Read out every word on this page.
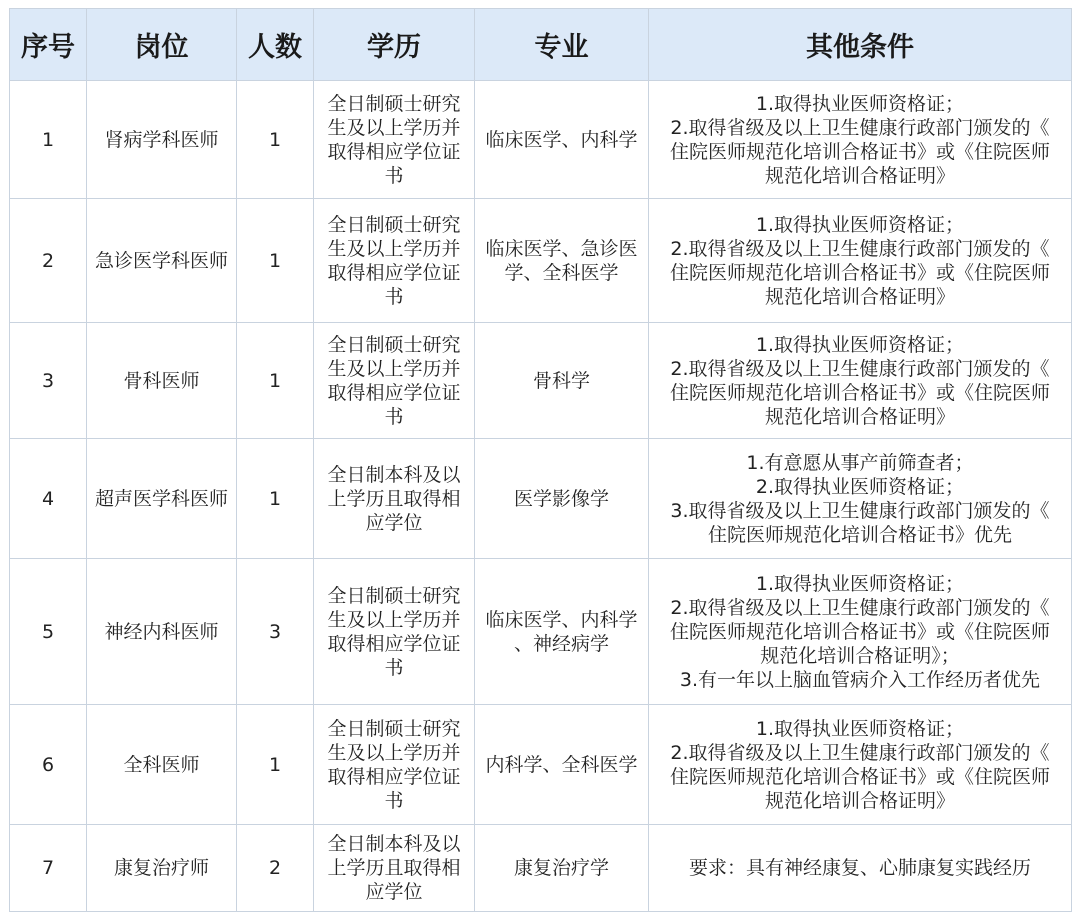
序号	岗位	人数	学历	专业	其他条件
1	肾病学科医师	1	全日制硕士研究
生及以上学历并
取得相应学位证
书	临床医学、内科学	1.取得执业医师资格证；
2.取得省级及以上卫生健康行政部门颁发的《
住院医师规范化培训合格证书》或《住院医师
规范化培训合格证明》
2	急诊医学科医师	1	全日制硕士研究
生及以上学历并
取得相应学位证
书	临床医学、急诊医
学、全科医学	1.取得执业医师资格证；
2.取得省级及以上卫生健康行政部门颁发的《
住院医师规范化培训合格证书》或《住院医师
规范化培训合格证明》
3	骨科医师	1	全日制硕士研究
生及以上学历并
取得相应学位证
书	骨科学	1.取得执业医师资格证；
2.取得省级及以上卫生健康行政部门颁发的《
住院医师规范化培训合格证书》或《住院医师
规范化培训合格证明》
4	超声医学科医师	1	全日制本科及以
上学历且取得相
应学位	医学影像学	1.有意愿从事产前筛查者；
2.取得执业医师资格证；
3.取得省级及以上卫生健康行政部门颁发的《
住院医师规范化培训合格证书》优先
5	神经内科医师	3	全日制硕士研究
生及以上学历并
取得相应学位证
书	临床医学、内科学
、神经病学	1.取得执业医师资格证；
2.取得省级及以上卫生健康行政部门颁发的《
住院医师规范化培训合格证书》或《住院医师
规范化培训合格证明》；
3.有一年以上脑血管病介入工作经历者优先
6	全科医师	1	全日制硕士研究
生及以上学历并
取得相应学位证
书	内科学、全科医学	1.取得执业医师资格证；
2.取得省级及以上卫生健康行政部门颁发的《
住院医师规范化培训合格证书》或《住院医师
规范化培训合格证明》
7	康复治疗师	2	全日制本科及以
上学历且取得相
应学位	康复治疗学	要求：具有神经康复、心肺康复实践经历
